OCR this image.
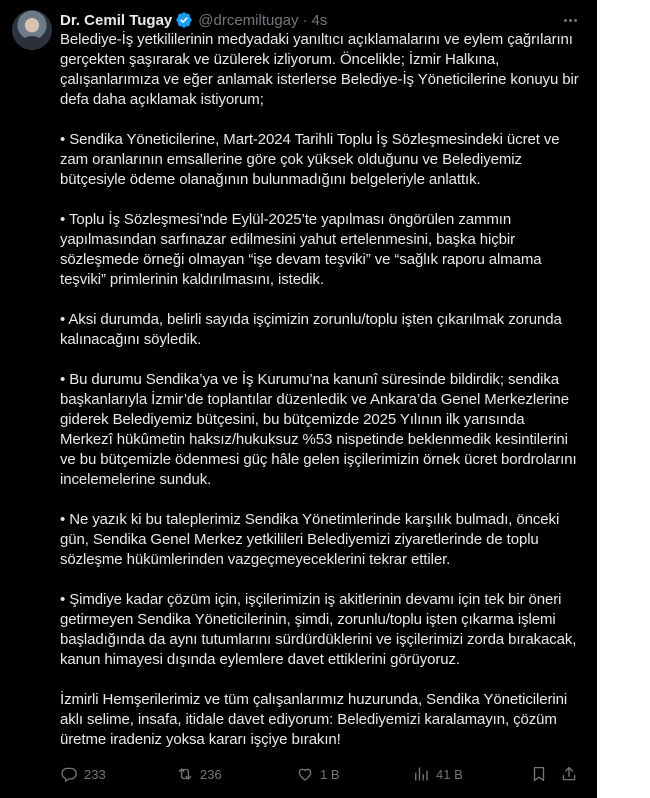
Dr. Cemil Tugay @drcemiltugay · 4s

Belediye-İş yetkililerinin medyadaki yanıltıcı açıklamalarını ve eylem çağrılarını gerçekten şaşırarak ve üzülerek izliyorum. Öncelikle; İzmir Halkına, çalışanlarımıza ve eğer anlamak isterlerse Belediye-İş Yöneticilerine konuyu bir defa daha açıklamak istiyorum;

• Sendika Yöneticilerine, Mart-2024 Tarihli Toplu İş Sözleşmesindeki ücret ve zam oranlarının emsallerine göre çok yüksek olduğunu ve Belediyemiz bütçesiyle ödeme olanağının bulunmadığını belgeleriyle anlattık.

• Toplu İş Sözleşmesi’nde Eylül-2025’te yapılması öngörülen zammın yapılmasından sarfınazar edilmesini yahut ertelenmesini, başka hiçbir sözleşmede örneği olmayan “işe devam teşviki” ve “sağlık raporu almama teşviki” primlerinin kaldırılmasını, istedik.

• Aksi durumda, belirli sayıda işçimizin zorunlu/toplu işten çıkarılmak zorunda kalınacağını söyledik.

• Bu durumu Sendika’ya ve İş Kurumu’na kanunî süresinde bildirdik; sendika başkanlarıyla İzmir’de toplantılar düzenledik ve Ankara’da Genel Merkezlerine giderek Belediyemiz bütçesini, bu bütçemizde 2025 Yılının ilk yarısında Merkezî hükûmetin haksız/hukuksuz %53 nispetinde beklenmedik kesintilerini ve bu bütçemizle ödenmesi güç hâle gelen işçilerimizin örnek ücret bordrolarını incelemelerine sunduk.

• Ne yazık ki bu taleplerimiz Sendika Yönetimlerinde karşılık bulmadı, önceki gün, Sendika Genel Merkez yetkilileri Belediyemizi ziyaretlerinde de toplu sözleşme hükümlerinden vazgeçmeyeceklerini tekrar ettiler.

• Şimdiye kadar çözüm için, işçilerimizin iş akitlerinin devamı için tek bir öneri getirmeyen Sendika Yöneticilerinin, şimdi, zorunlu/toplu işten çıkarma işlemi başladığında da aynı tutumlarını sürdürdüklerini ve işçilerimizi zorda bırakacak, kanun himayesi dışında eylemlere davet ettiklerini görüyoruz.

İzmirli Hemşerilerimiz ve tüm çalışanlarımız huzurunda, Sendika Yöneticilerini aklı selime, insafa, itidale davet ediyorum: Belediyemizi karalamayın, çözüm üretme iradeniz yoksa kararı işçiye bırakın!

233	236	1 B	41 B
